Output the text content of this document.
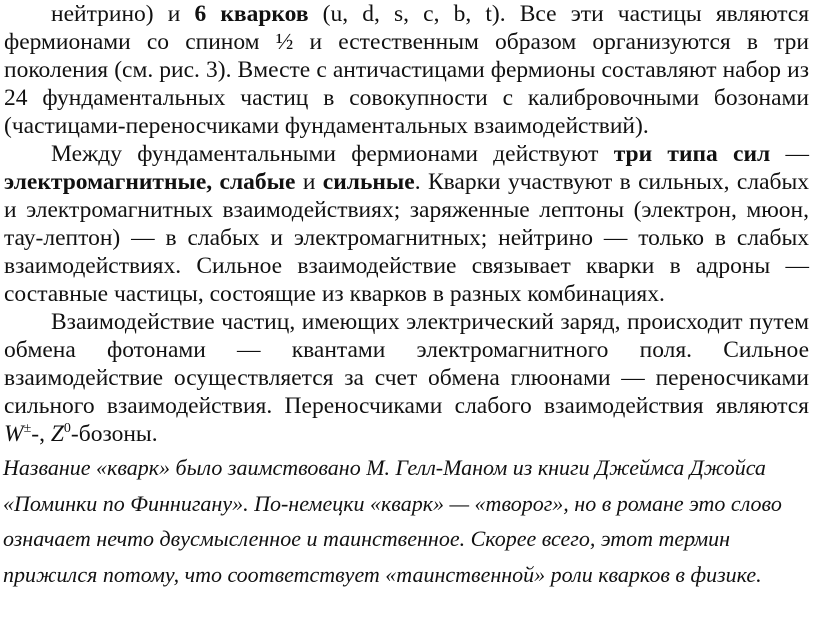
нейтрино) и 6 кварков (u, d, s, c, b, t). Все эти частицы являются фермионами со спином ½ и естественным образом организуются в три поколения (см. рис. 3). Вместе с античастицами фермионы составляют набор из 24 фундаментальных частиц в совокупности с калибровочными бозонами (частицами-переносчиками фундаментальных взаимодействий).

Между фундаментальными фермионами действуют три типа сил — электромагнитные, слабые и сильные. Кварки участвуют в сильных, слабых и электромагнитных взаимодействиях; заряженные лептоны (электрон, мюон, тау-лептон) — в слабых и электромагнитных; нейтрино — только в слабых взаимодействиях. Сильное взаимодействие связывает кварки в адроны — составные частицы, состоящие из кварков в разных комбинациях.

Взаимодействие частиц, имеющих электрический заряд, происходит путем обмена фотонами — квантами электромагнитного поля. Сильное взаимодействие осуществляется за счет обмена глюонами — переносчиками сильного взаимодействия. Переносчиками слабого взаимодействия являются W±-, $Z^0$-бозоны.

Название «кварк» было заимствовано М. Гелл-Маном из книги Джеймса Джойса «Поминки по Финнигану». По-немецки «кварк» — «творог», но в романе это слово означает нечто двусмысленное и таинственное. Скорее всего, этот термин прижился потому, что соответствует «таинственной» роли кварков в физике.
